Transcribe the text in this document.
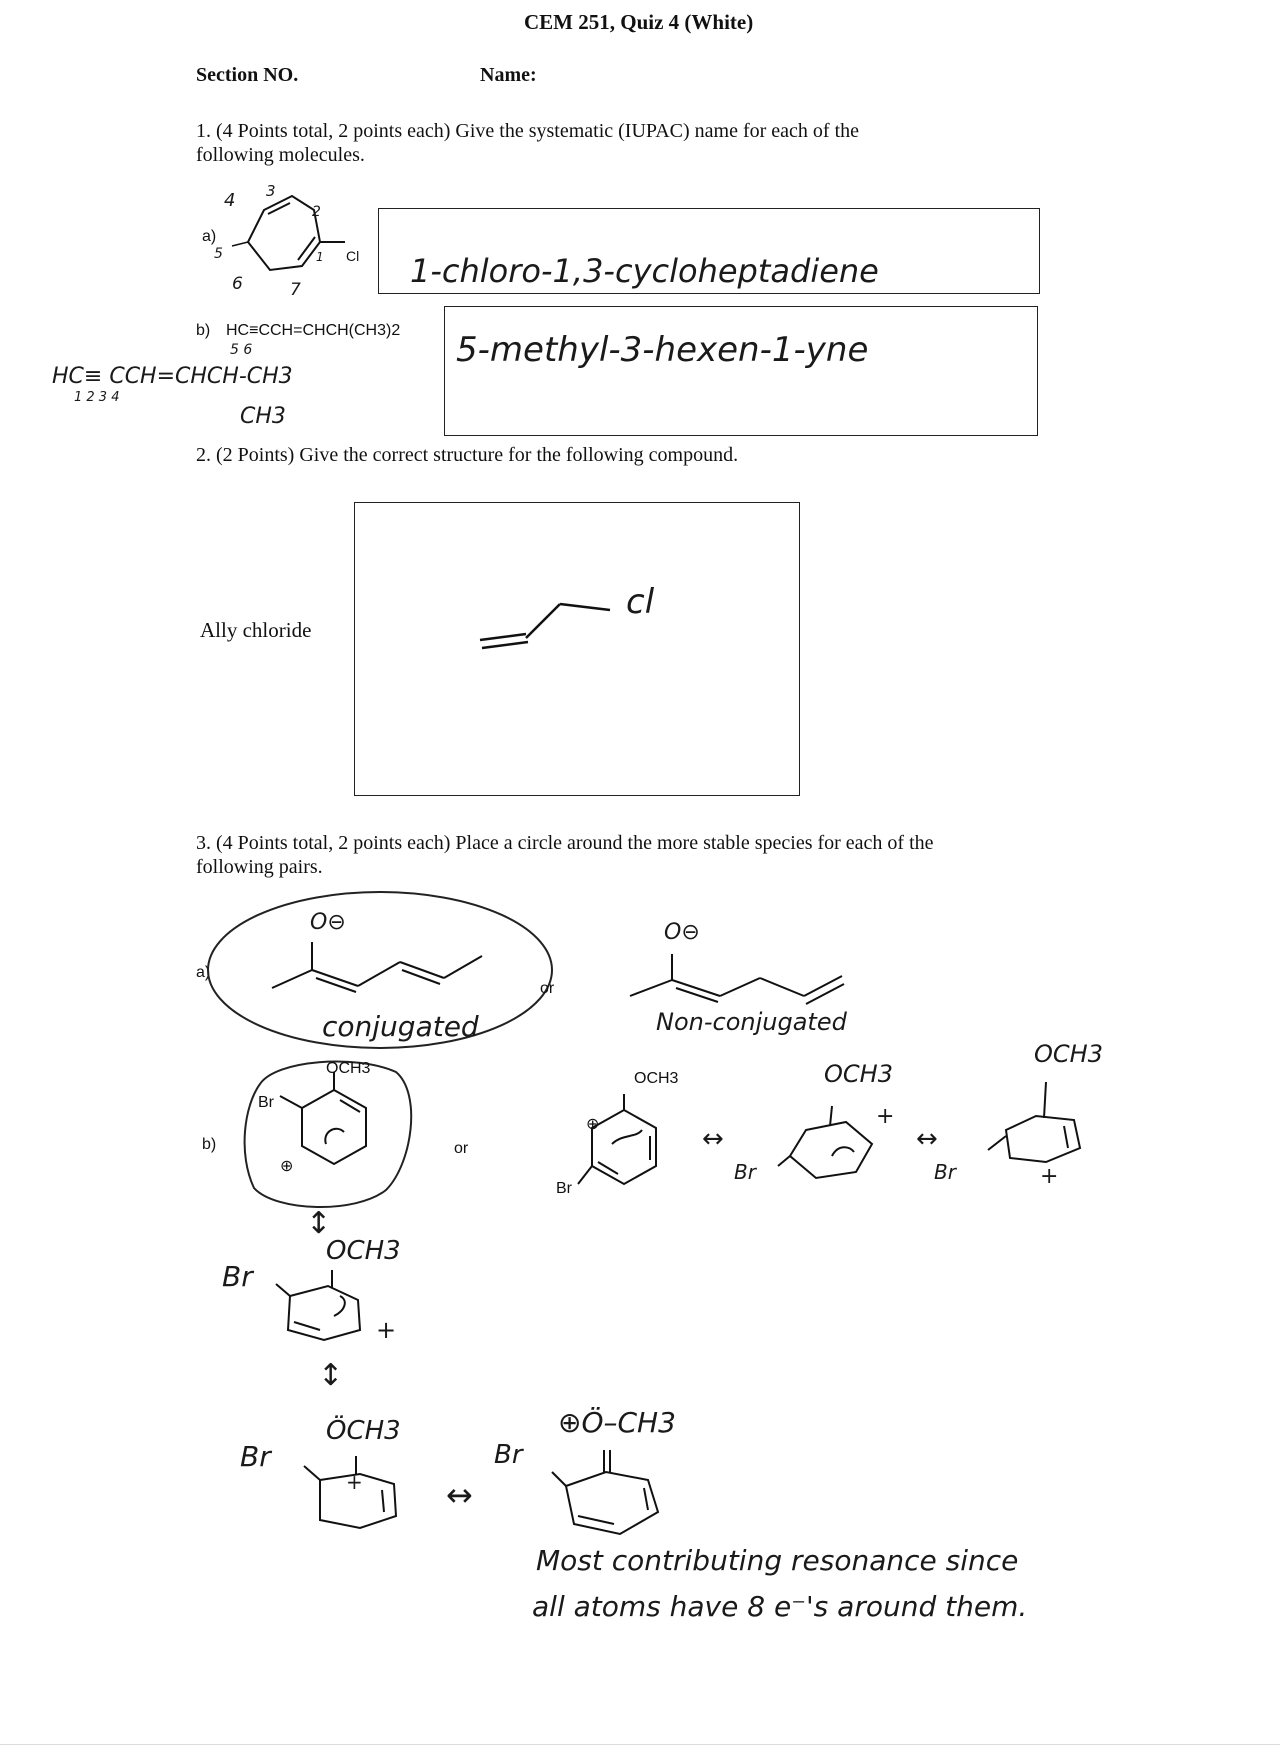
CEM 251, Quiz 4 (White)
Section NO.	Name:
1. (4 Points total, 2 points each) Give the systematic (IUPAC) name for each of the
following molecules.
a)
Cl
4 3
2
1
5
6	7	1-chloro-1,3-cycloheptadiene
b) HC≡CCH=CHCH(CH3)2
5 6
HC≡ CCH=CHCH-CH3
1 2 3 4
CH3
5-methyl-3-hexen-1-yne
2. (2 Points) Give the correct structure for the following compound.
Ally chloride
cl
3. (4 Points total, 2 points each) Place a circle around the more stable species for each of the
following pairs.
a)
O⊖
or
conjugated
O⊖
Non-conjugated
b)
OCH3
Br
⊕
or
OCH3
Br
⊕	↔
OCH3
Br
+
↔
OCH3
Br	+
↕
OCH3
Br
+
↕
ÖCH3
Br
+	↔
⊕Ö–CH3
Br
Most contributing resonance since
all atoms have 8 e⁻'s around them.
